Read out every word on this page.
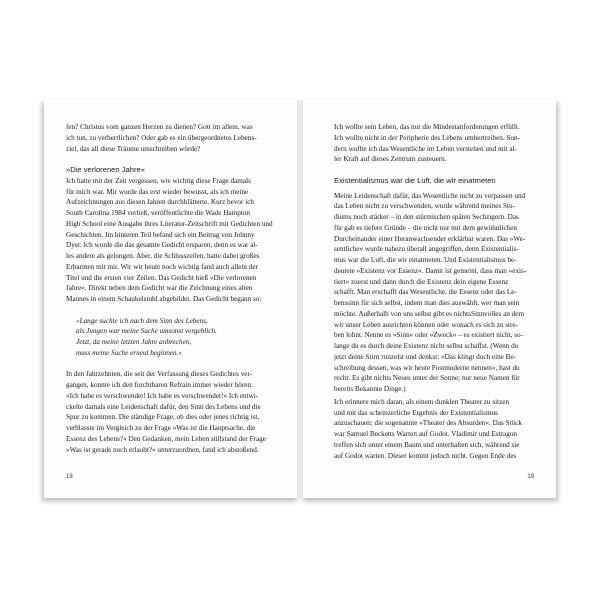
fen? Christus vom ganzen Herzen zu dienen? Gott im allem, was
ich tun, zu verherrlichen? Oder gab es ein übergeordnetes Lebens-
ziel, das all diese Träume umschreiben würde?
»Die verlorenen Jahre«
Ich hatte mit der Zeit vergessen, wie wichtig diese Frage damals
für mich war. Mir wurde das erst wieder bewusst, als ich meine
Aufzeichnungen aus diesen Jahren durchblätterte. Kurz bevor ich
South Carolina 1984 verließ, veröffentlichte die Wade Hampton
High School eine Ausgabe ihres Literatur-Zeitschrift mit Gedichten und
Geschichten. Im hinteren Teil befand sich ein Beitrag von Johnny
Dyer. Ich wurde die das gesamte Gedicht ersparen, denn es war al-
les andere als gelungen. Aber, die Schlusszeilen, hatte dabei großes
Erbarmen mit mir. Wir wir heute noch wichtig fand auch allein der
Titel und die ersten vier Zeilen. Das Gedicht hieß »Die verlorenen
Jahre«. Direkt neben dem Gedicht war die Zeichnung eines alten
Mannes in einem Schaukelstuhl abgebildet. Das Gedicht begann so:
»Lange suchte ich nach dem Sinn des Lebens,
als Jungen war meine Suche umsonst vergeblich.
Jetzt, da meine letzten Jahre anbrechen,
muss meine Suche erneut beginnen.«
In den Jahrzehnten, die seit der Verfassung dieses Gedichtes ver-
gangen, konnte ich den furchtbaren Refrain immer wieder hören:
»Ich habe es verschwendet! Ich habe es verschwendet!« Ich entwi-
ckelte damals eine Leidenschaft dafür, den Sinn des Lebens und die
Spur zu kommen. Die ständige Frage, ob dies oder jenes richtig ist,
verblasste im Vergleich zu der Frage »Was ist die Hauptsache, die
Essenz des Lebens?« Den Gedanken, mein Leben stillstand der Frage
»Was ist gerade noch erlaubt?« unterzuordnen, fand ich abstoßend.
18
Ich wollte sein Leben, das nur die Mindestanforderungen erfüllt.
Ich wollte nicht in der Peripherie des Lebens umhertreiben. Son-
dern wollte ich das Wesentliche im Leben verstehen und mit al-
ler Kraft auf dieses Zentrum zusteuern.
Existentialismus war die Luft, die wir einatmeten
Meine Leidenschaft dafür, das Wesentliche nicht zu verpassen und
das Leben nicht zu verschwenden, wurde während meines Stu-
diums noch stärker – in den stürmischen späten Sechzigern. Das
für gab es tiefere Gründe – die nicht nur mit dem gewöhnlichen
Durcheinander einer Heranwachsender erklärbar waren. Das »We-
sentliche« wurde nahezu überall angegriffen, denn Existentialis-
mus war die Luft, die wir einatmeten. Und Existentialismus be-
deutete »Existenz vor Essenz«. Damit ist gemeint, dass man »exis-
tiert« zuerst und dann durch die Existenz dein eigene Essenz
schafft. Man erschafft das Wesentliche, die Essenz oder das Le-
benssinn für sich selbst, indem man dies auswählt, wer man sein
möchte. Außerhalb von uns selbst gibt es nichtsSinnvolles an dem
wir unser Leben ausrichten können oder wonach es sich zu stre-
ben lohnt. Nenne es »Sinn« oder »Zweck« – es existiert nicht, so-
lange du es durch deine Existenz nicht selbst schaffst. (Wenn du
jetzt deine Stirn runzelst und denkst: »Das klingt doch eine Be-
schreibung dessen, was wir heute Postmoderne nennen«, hast du
recht. Es gibt nichts Neues unter der Sonne; nur neue Namen für
bereits Bekannte Dinge.)
Ich erinnere mich daran, als einem dunklen Theater zu sitzen
und mit das scheinzerliche Ergebnis der Existentialismus
anzuschauen: die sogenannte »Theater des Absurden«. Das Stück
war Samuel Becketts Warten auf Godot. Vladimir und Estragon
treffen sich unter einem Baum und unterhalten sich, während sie
auf Godot warten. Dieser kommt jedoch nicht. Gegen Ende des
19
